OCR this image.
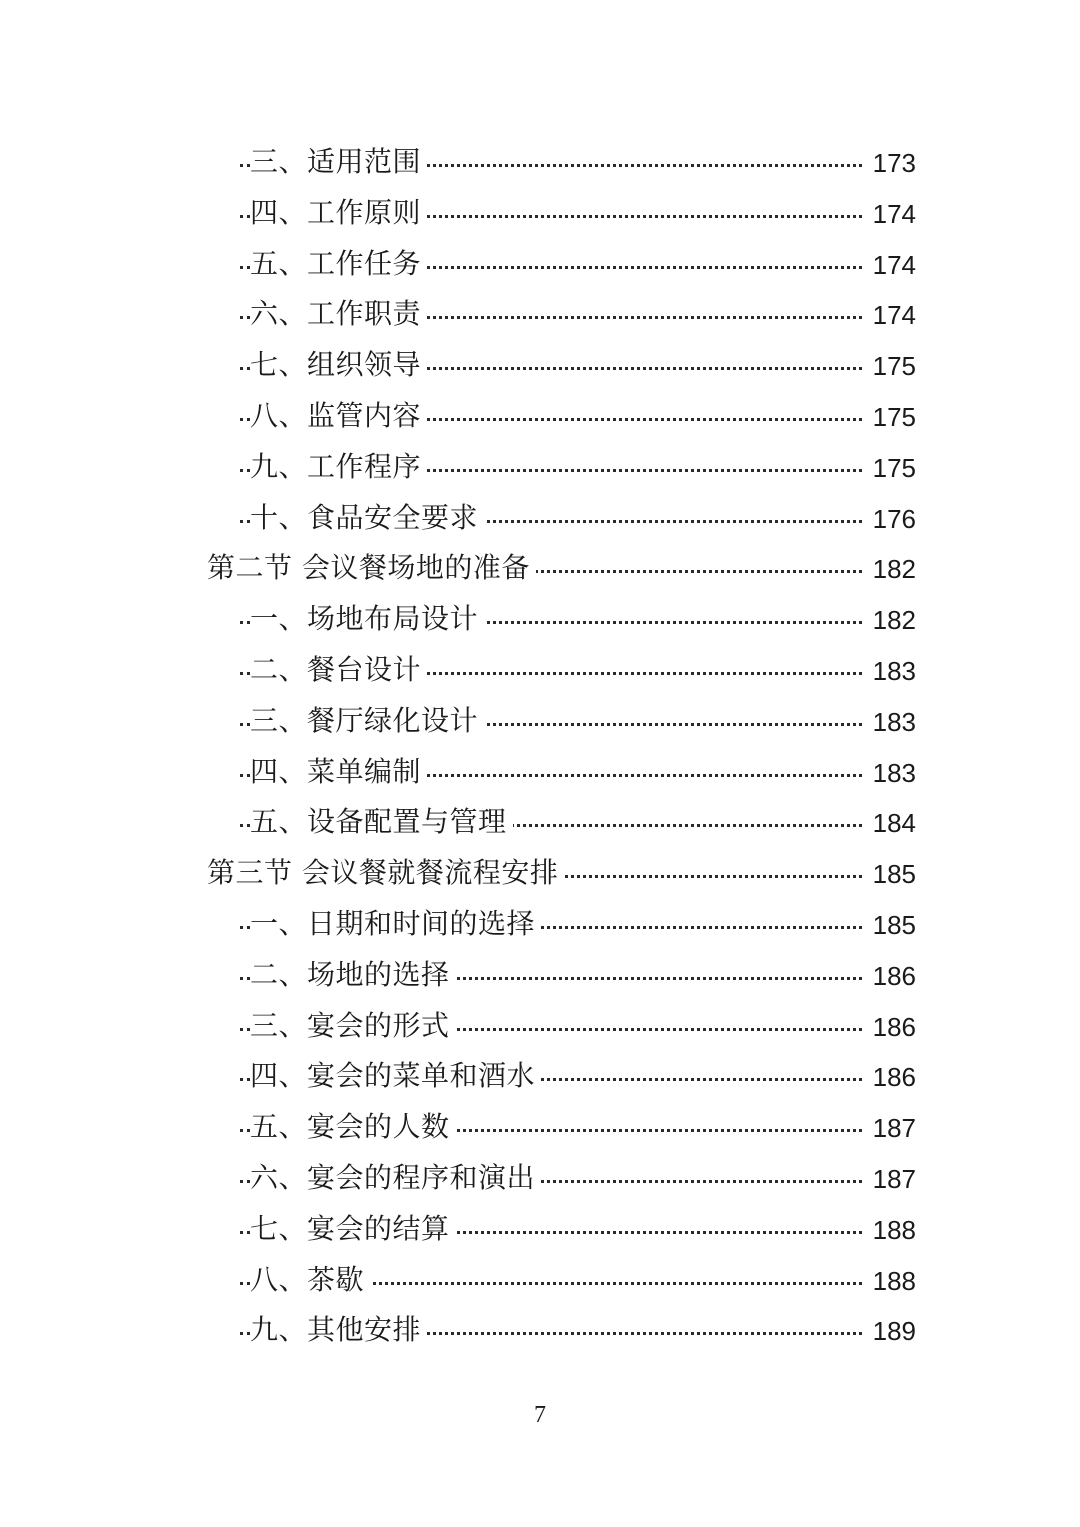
三、适用范围	173
四、工作原则	174
五、工作任务	174
六、工作职责	174
七、组织领导	175
八、监管内容	175
九、工作程序	175
十、食品安全要求	176
第二节 会议餐场地的准备	182
一、场地布局设计	182
二、餐台设计	183
三、餐厅绿化设计	183
四、菜单编制	183
五、设备配置与管理	184
第三节 会议餐就餐流程安排	185
一、日期和时间的选择	185
二、场地的选择	186
三、宴会的形式	186
四、宴会的菜单和酒水	186
五、宴会的人数	187
六、宴会的程序和演出	187
七、宴会的结算	188
八、茶歇	188
九、其他安排	189
7
